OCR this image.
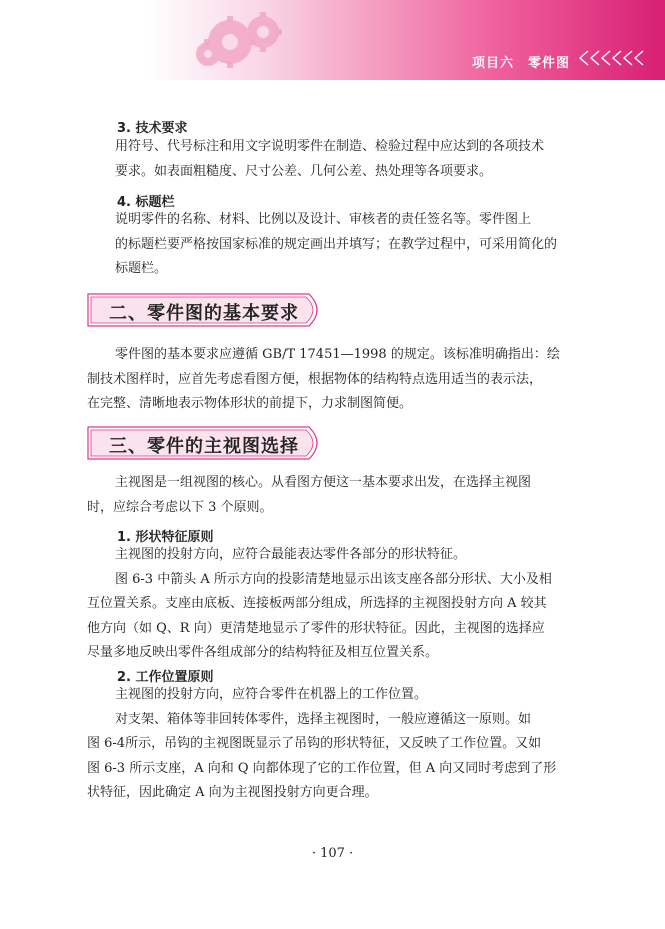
项目六　零件图
3. 技术要求
用符号、代号标注和用文字说明零件在制造、检验过程中应达到的各项技术
要求。如表面粗糙度、尺寸公差、几何公差、热处理等各项要求。
4. 标题栏
说明零件的名称、材料、比例以及设计、审核者的责任签名等。零件图上
的标题栏要严格按国家标准的规定画出并填写；在教学过程中，可采用简化的
标题栏。
二、零件图的基本要求
零件图的基本要求应遵循 GB/T 17451—1998 的规定。该标准明确指出：绘
制技术图样时，应首先考虑看图方便，根据物体的结构特点选用适当的表示法，
在完整、清晰地表示物体形状的前提下，力求制图简便。
三、零件的主视图选择
主视图是一组视图的核心。从看图方便这一基本要求出发，在选择主视图
时，应综合考虑以下 3 个原则。
1. 形状特征原则
主视图的投射方向，应符合最能表达零件各部分的形状特征。
图 6-3 中箭头 A 所示方向的投影清楚地显示出该支座各部分形状、大小及相
互位置关系。支座由底板、连接板两部分组成，所选择的主视图投射方向 A 较其
他方向（如 Q、R 向）更清楚地显示了零件的形状特征。因此，主视图的选择应
尽量多地反映出零件各组成部分的结构特征及相互位置关系。
2. 工作位置原则
主视图的投射方向，应符合零件在机器上的工作位置。
对支架、箱体等非回转体零件，选择主视图时，一般应遵循这一原则。如
图 6-4所示，吊钩的主视图既显示了吊钩的形状特征，又反映了工作位置。又如
图 6-3 所示支座，A 向和 Q 向都体现了它的工作位置，但 A 向又同时考虑到了形
状特征，因此确定 A 向为主视图投射方向更合理。
· 107 ·
